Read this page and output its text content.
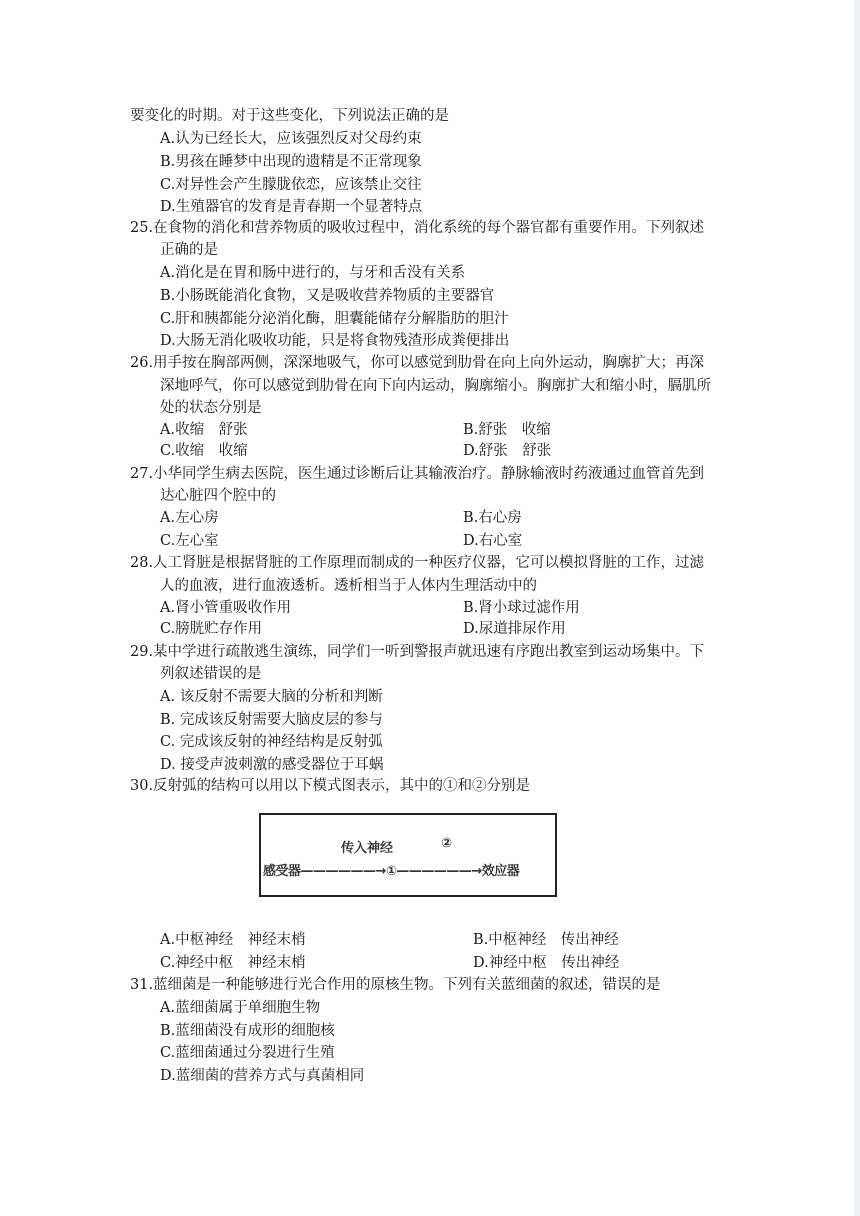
要变化的时期。对于这些变化，下列说法正确的是
A.认为已经长大，应该强烈反对父母约束
B.男孩在睡梦中出现的遗精是不正常现象
C.对异性会产生朦胧依恋，应该禁止交往
D.生殖器官的发育是青春期一个显著特点
25.在食物的消化和营养物质的吸收过程中，消化系统的每个器官都有重要作用。下列叙述
正确的是
A.消化是在胃和肠中进行的，与牙和舌没有关系
B.小肠既能消化食物，又是吸收营养物质的主要器官
C.肝和胰都能分泌消化酶，胆囊能储存分解脂肪的胆汁
D.大肠无消化吸收功能，只是将食物残渣形成粪便排出
26.用手按在胸部两侧，深深地吸气，你可以感觉到肋骨在向上向外运动，胸廓扩大；再深
深地呼气，你可以感觉到肋骨在向下向内运动，胸廓缩小。胸廓扩大和缩小时，膈肌所
处的状态分别是
A.收缩　舒张	B.舒张　收缩
C.收缩　收缩	D.舒张　舒张
27.小华同学生病去医院，医生通过诊断后让其输液治疗。静脉输液时药液通过血管首先到
达心脏四个腔中的
A.左心房	B.右心房
C.左心室	D.右心室
28.人工肾脏是根据肾脏的工作原理而制成的一种医疗仪器，它可以模拟肾脏的工作，过滤
人的血液，进行血液透析。透析相当于人体内生理活动中的
A.肾小管重吸收作用	B.肾小球过滤作用
C.膀胱贮存作用	D.尿道排尿作用
29.某中学进行疏散逃生演练，同学们一听到警报声就迅速有序跑出教室到运动场集中。下
列叙述错误的是
A. 该反射不需要大脑的分析和判断
B. 完成该反射需要大脑皮层的参与
C. 完成该反射的神经结构是反射弧
D. 接受声波刺激的感受器位于耳蜗
30.反射弧的结构可以用以下模式图表示，其中的①和②分别是
传入神经	②
感受器——————→①——————→效应器
A.中枢神经　神经末梢	B.中枢神经　传出神经
C.神经中枢　神经末梢	D.神经中枢　传出神经
31.蓝细菌是一种能够进行光合作用的原核生物。下列有关蓝细菌的叙述，错误的是
A.蓝细菌属于单细胞生物
B.蓝细菌没有成形的细胞核
C.蓝细菌通过分裂进行生殖
D.蓝细菌的营养方式与真菌相同
